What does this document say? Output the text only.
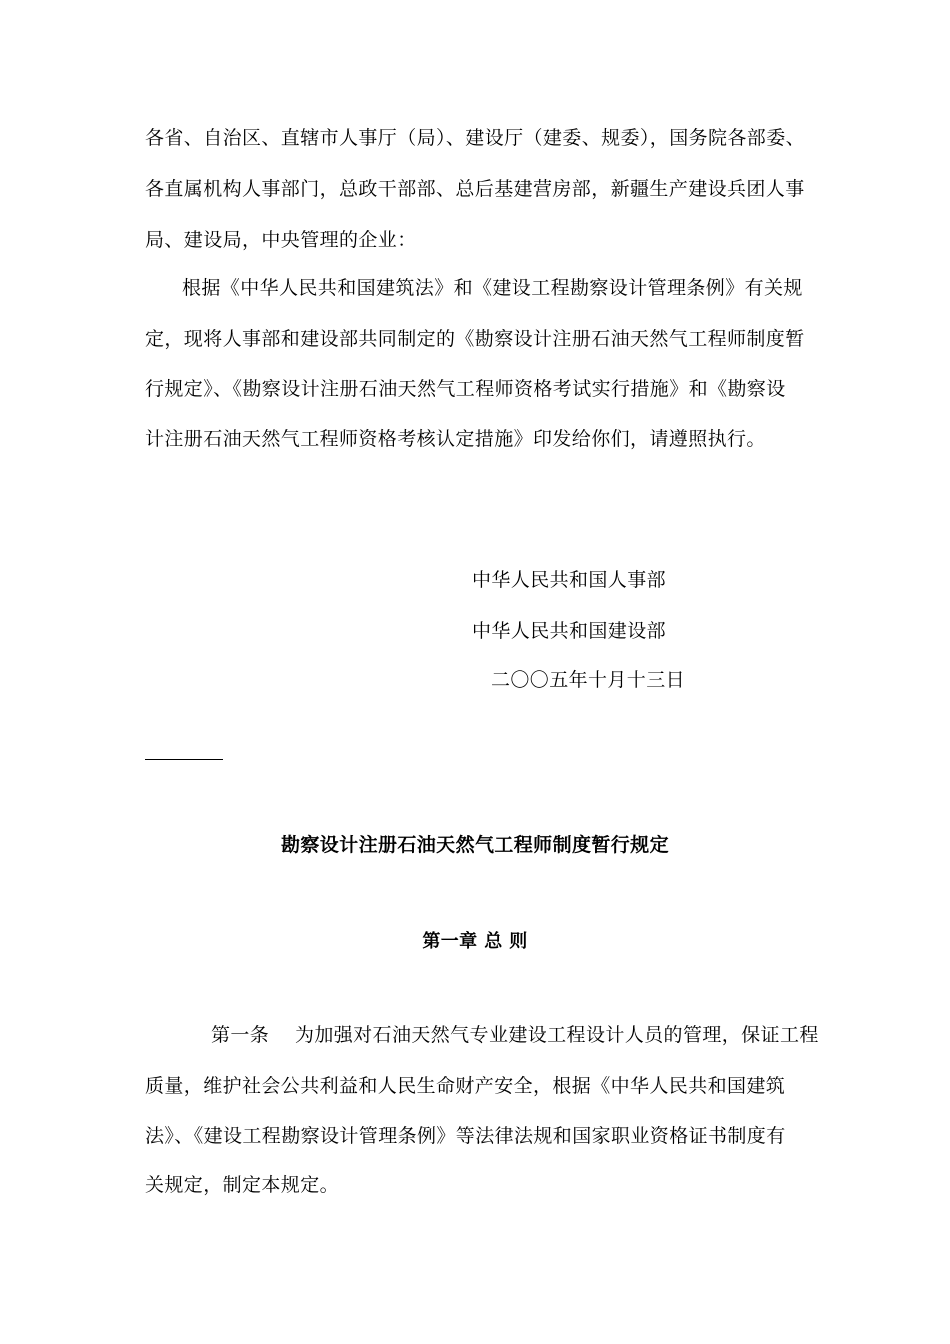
各省、自治区、直辖市人事厅（局）、建设厅（建委、规委），国务院各部委、
各直属机构人事部门，总政干部部、总后基建营房部，新疆生产建设兵团人事
局、建设局，中央管理的企业：
根据《中华人民共和国建筑法》和《建设工程勘察设计管理条例》有关规
定，现将人事部和建设部共同制定的《勘察设计注册石油天然气工程师制度暂
行规定》、《勘察设计注册石油天然气工程师资格考试实行措施》和《勘察设
计注册石油天然气工程师资格考核认定措施》印发给你们，请遵照执行。
中华人民共和国人事部
中华人民共和国建设部
二〇〇五年十月十三日
勘察设计注册石油天然气工程师制度暂行规定
第一章 总 则
第一条    为加强对石油天然气专业建设工程设计人员的管理，保证工程
质量，维护社会公共利益和人民生命财产安全，根据《中华人民共和国建筑
法》、《建设工程勘察设计管理条例》等法律法规和国家职业资格证书制度有
关规定，制定本规定。
